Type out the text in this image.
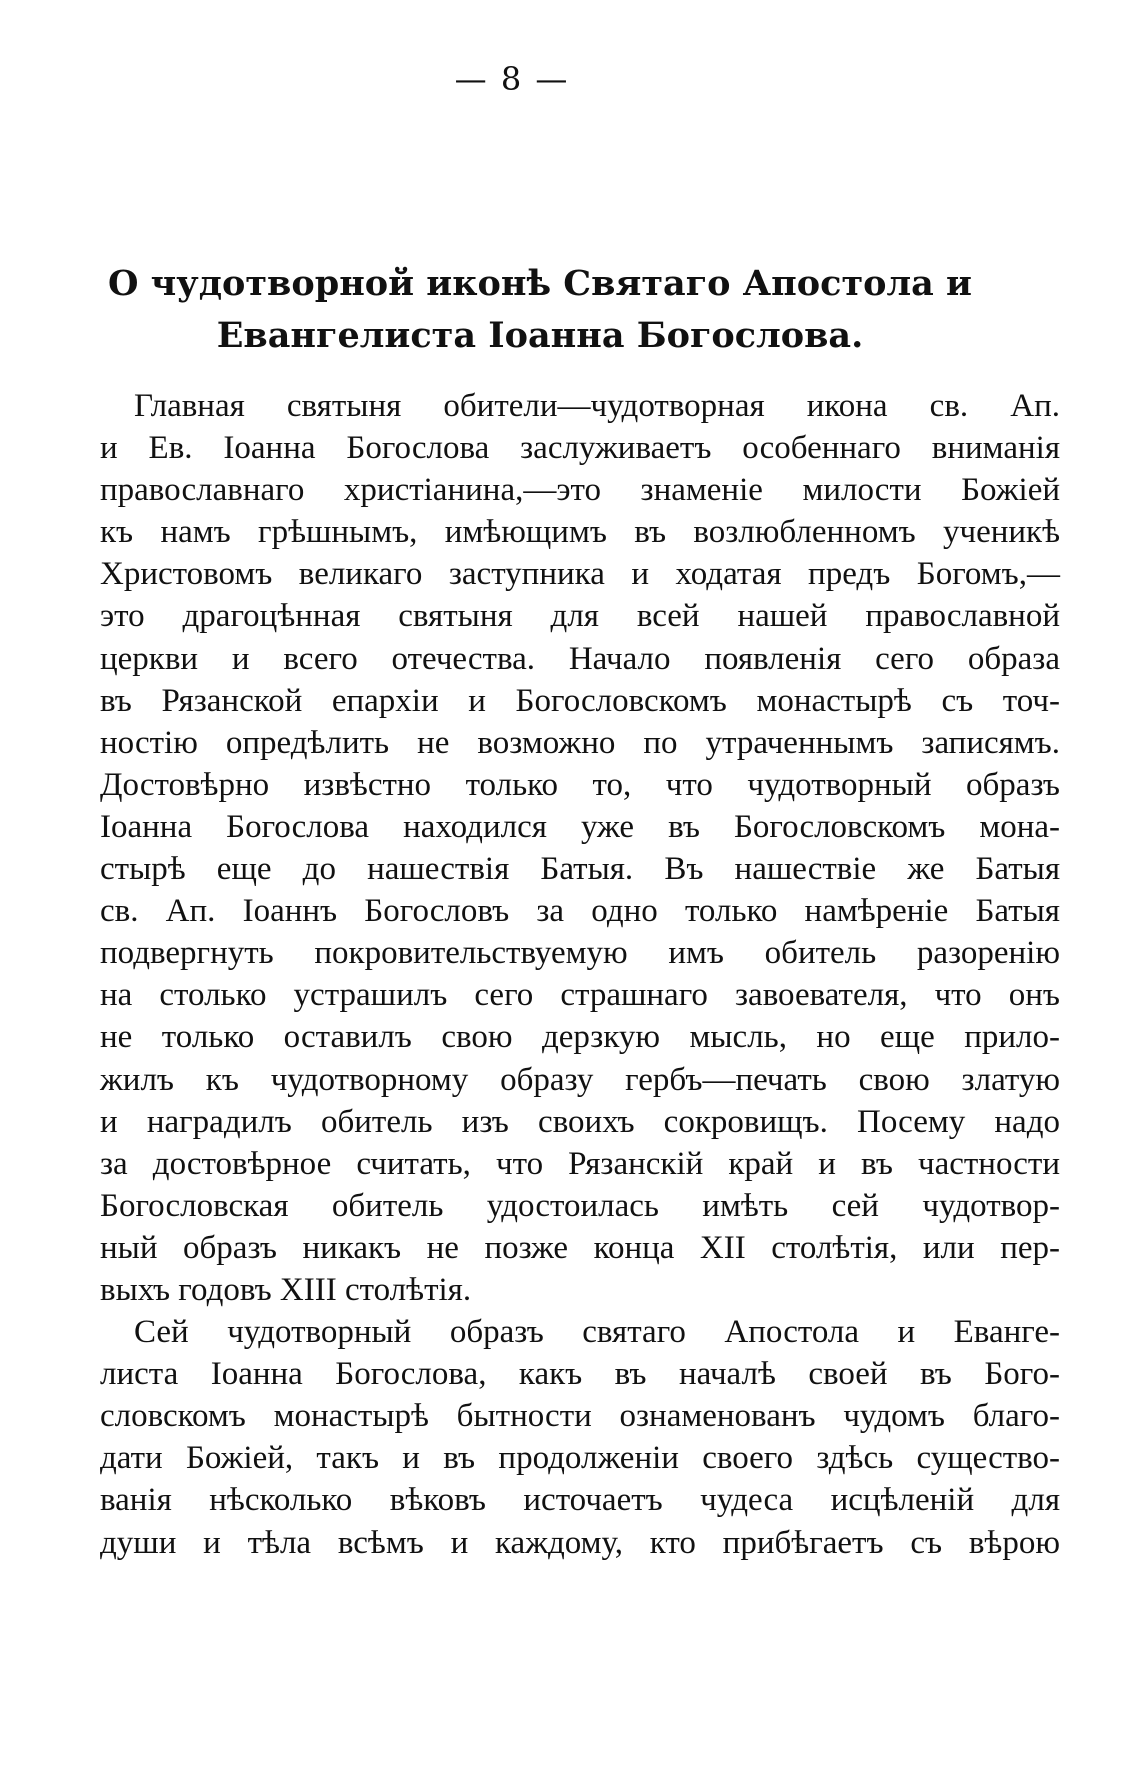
— 8 —
О чудотворной иконѣ Святаго Апостола и
Евангелиста Іоанна Богослова.
Главная святыня обители—чудотворная икона св. Ап.
и Ев. Іоанна Богослова заслуживаетъ особеннаго вниманія
православнаго христіанина,—это знаменіе милости Божіей
къ намъ грѣшнымъ, имѣющимъ въ возлюбленномъ ученикѣ
Христовомъ великаго заступника и ходатая предъ Богомъ,—
это драгоцѣнная святыня для всей нашей православной
церкви и всего отечества. Начало появленія сего образа
въ Рязанской епархіи и Богословскомъ монастырѣ съ точ-
ностію опредѣлить не возможно по утраченнымъ записямъ.
Достовѣрно извѣстно только то, что чудотворный образъ
Іоанна Богослова находился уже въ Богословскомъ мона-
стырѣ еще до нашествія Батыя. Въ нашествіе же Батыя
св. Ап. Іоаннъ Богословъ за одно только намѣреніе Батыя
подвергнуть покровительствуемую имъ обитель разоренію
на столько устрашилъ сего страшнаго завоевателя, что онъ
не только оставилъ свою дерзкую мысль, но еще прило-
жилъ къ чудотворному образу гербъ—печать свою златую
и наградилъ обитель изъ своихъ сокровищъ. Посему надо
за достовѣрное считать, что Рязанскій край и въ частности
Богословская обитель удостоилась имѣть сей чудотвор-
ный образъ никакъ не позже конца XII столѣтія, или пер-
выхъ годовъ XIII столѣтія.
Сей чудотворный образъ святаго Апостола и Еванге-
листа Іоанна Богослова, какъ въ началѣ своей въ Бого-
словскомъ монастырѣ бытности ознаменованъ чудомъ благо-
дати Божіей, такъ и въ продолженіи своего здѣсь существо-
ванія нѣсколько вѣковъ источаетъ чудеса исцѣленій для
души и тѣла всѣмъ и каждому, кто прибѣгаетъ съ вѣрою
